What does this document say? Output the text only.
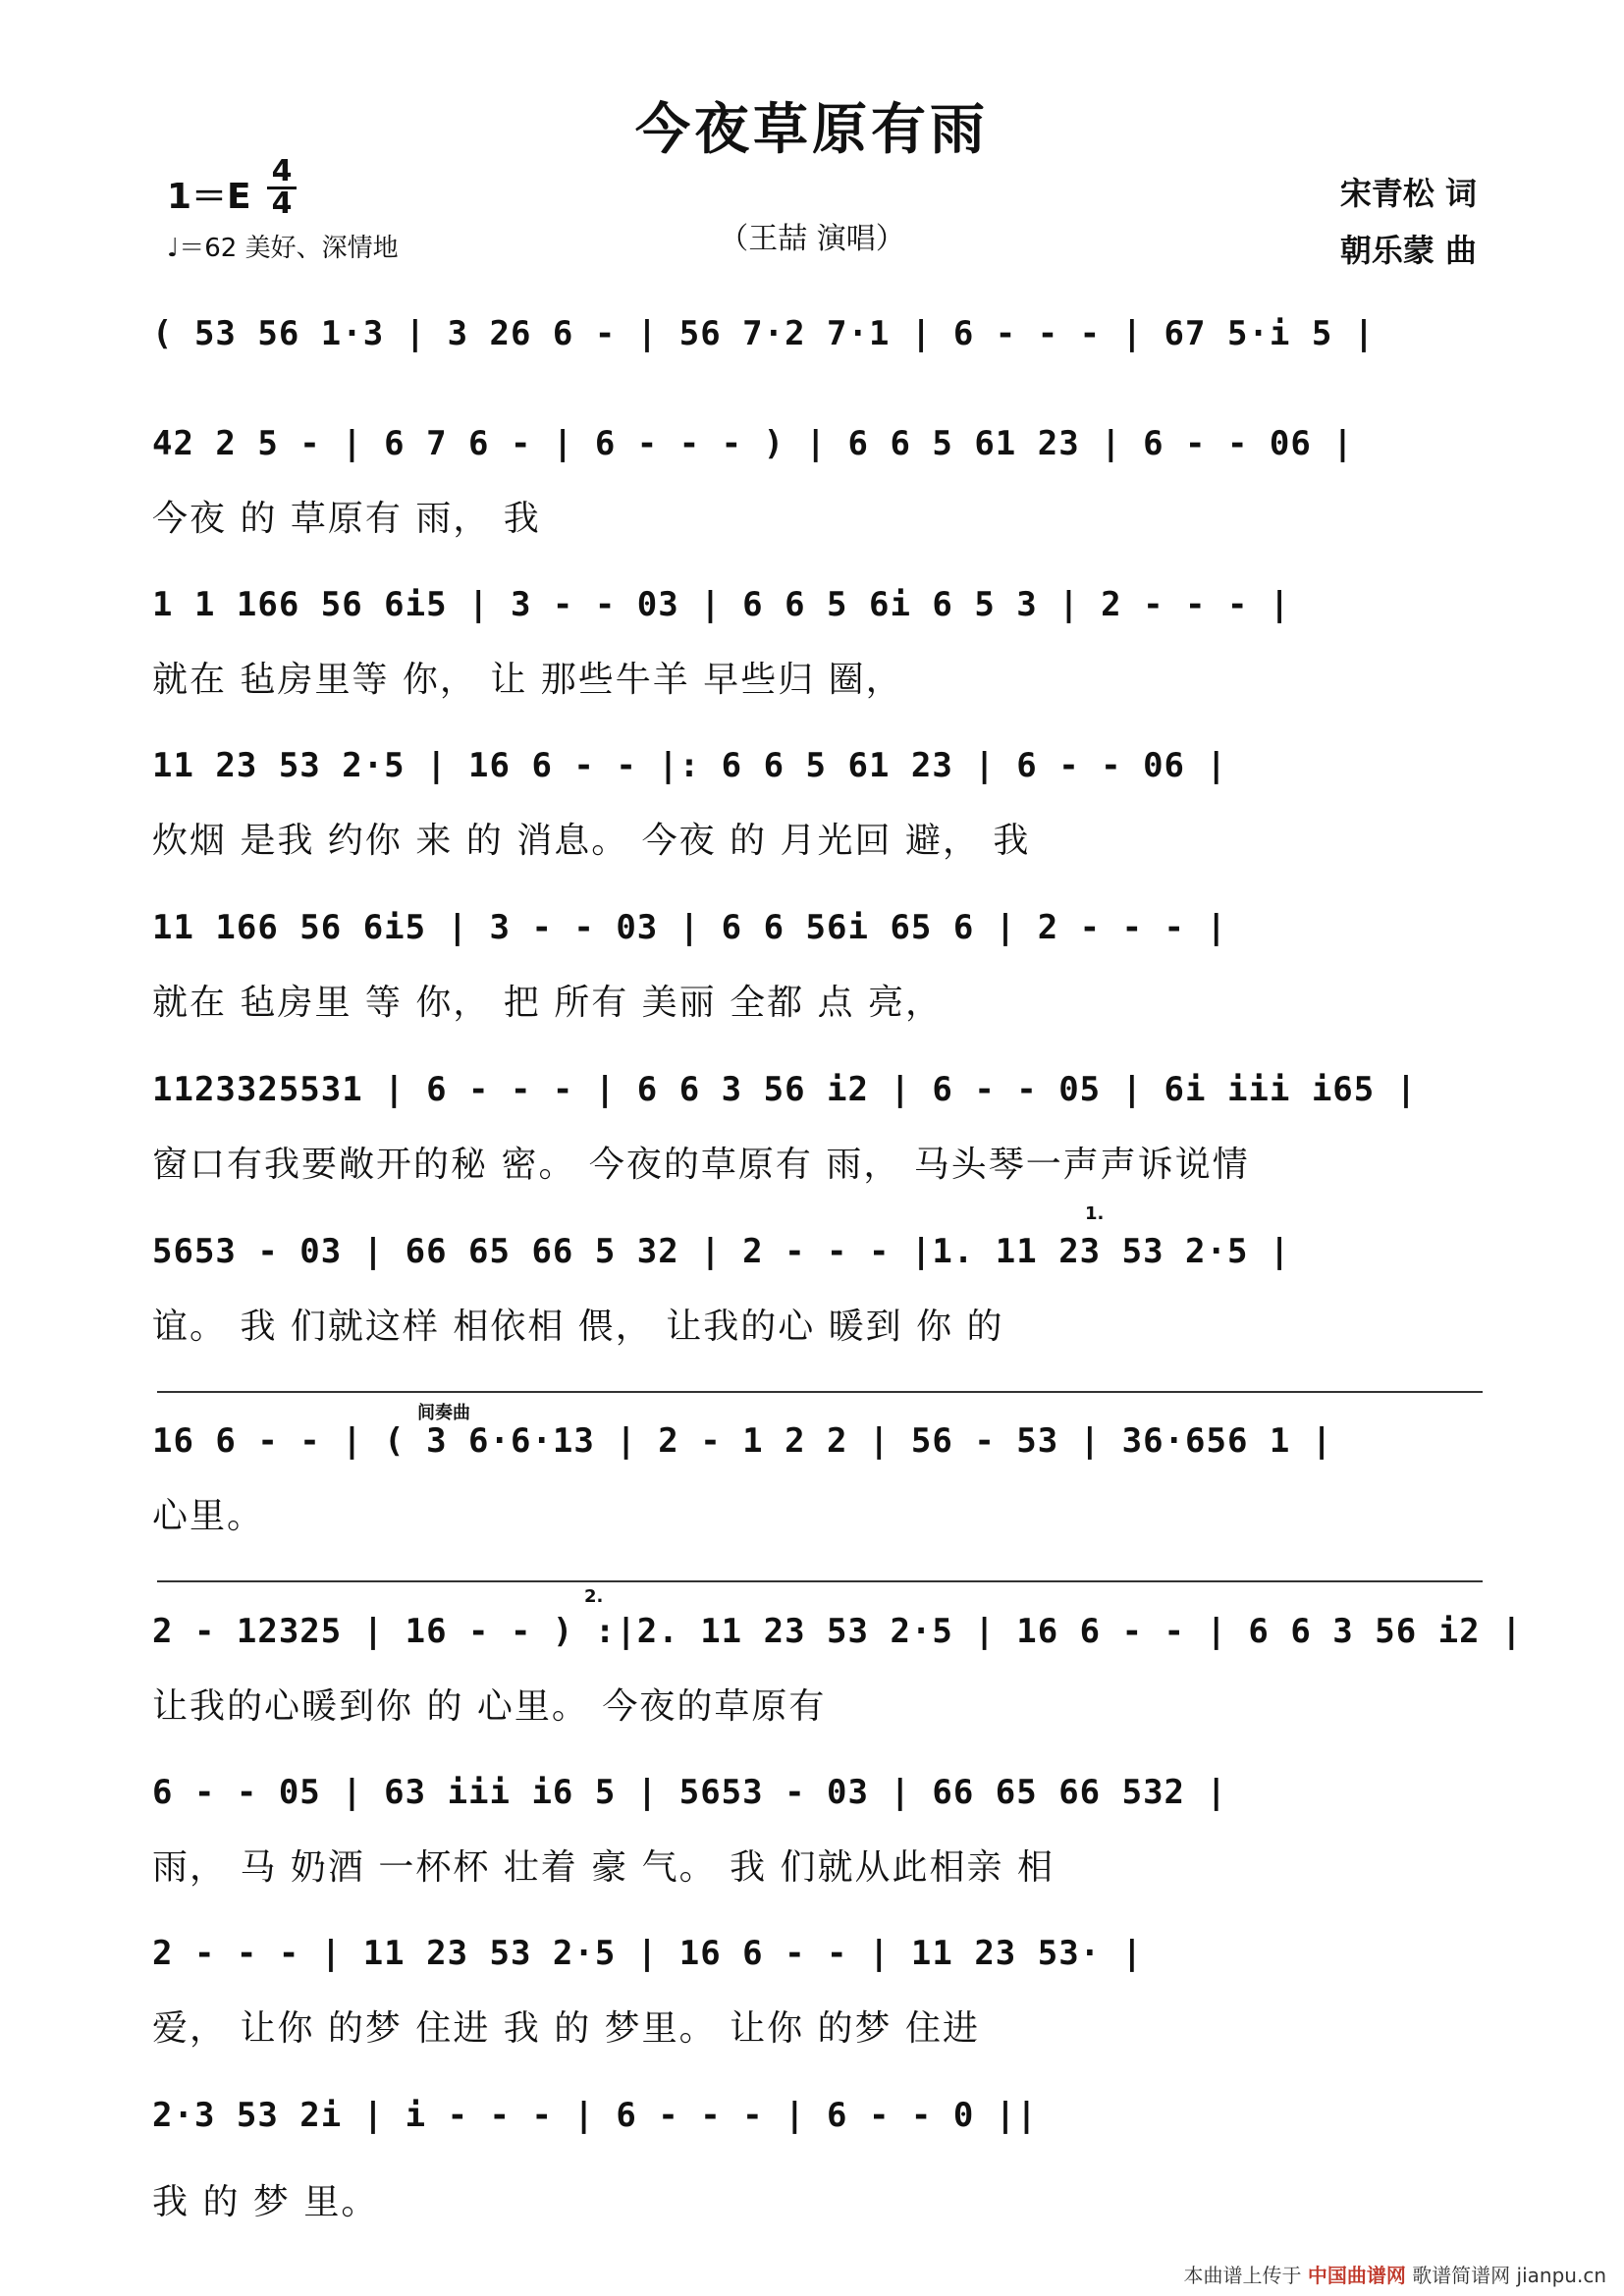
今夜草原有雨
1＝E
4
4
♩＝62 美好、深情地	（王喆 演唱）
宋青松 词
朝乐蒙 曲
( 53 56 1·3 | 3 26 6 - | 56 7·2 7·1 | 6 - - - | 67 5·i 5 |
42 2 5 - | 6 7 6 - | 6 - - - ) | 6 6 5 61 23 | 6 - - 06 |
今夜 的 草原有 雨， 我
1 1 166 56 6i5 | 3 - - 03 | 6 6 5 6i 6 5 3 | 2 - - - |
就在 毡房里等 你， 让 那些牛羊 早些归 圈，
11 23 53 2·5 | 16 6 - - |: 6 6 5 61 23 | 6 - - 06 |
炊烟 是我 约你 来 的 消息。 今夜 的 月光回 避， 我
11 166 56 6i5 | 3 - - 03 | 6 6 56i 65 6 | 2 - - - |
就在 毡房里 等 你， 把 所有 美丽 全都 点 亮，
1123325531 | 6 - - - | 6 6 3 56 i2 | 6 - - 05 | 6i iii i65 |
窗口有我要敞开的秘 密。 今夜的草原有 雨， 马头琴一声声诉说情
1.
5653 - 03 | 66 65 66 5 32 | 2 - - - |1. 11 23 53 2·5 |
谊。 我 们就这样 相依相 偎， 让我的心 暖到 你 的
间奏曲
16 6 - - | ( 3 6·6·13 | 2 - 1 2 2 | 56 - 53 | 36·656 1 |
心里。
2.
2 - 12325 | 16 - - ) :|2. 11 23 53 2·5 | 16 6 - - | 6 6 3 56 i2 |
让我的心暖到你 的 心里。 今夜的草原有
6 - - 05 | 63 iii i6 5 | 5653 - 03 | 66 65 66 532 |
雨， 马 奶酒 一杯杯 壮着 豪 气。 我 们就从此相亲 相
2 - - - | 11 23 53 2·5 | 16 6 - - | 11 23 53· |
爱， 让你 的梦 住进 我 的 梦里。 让你 的梦 住进
2·3 53 2i | i - - - | 6 - - - | 6 - - 0 ||
我 的 梦 里。
本曲谱上传于 中国曲谱网 歌谱简谱网 jianpu.cn
